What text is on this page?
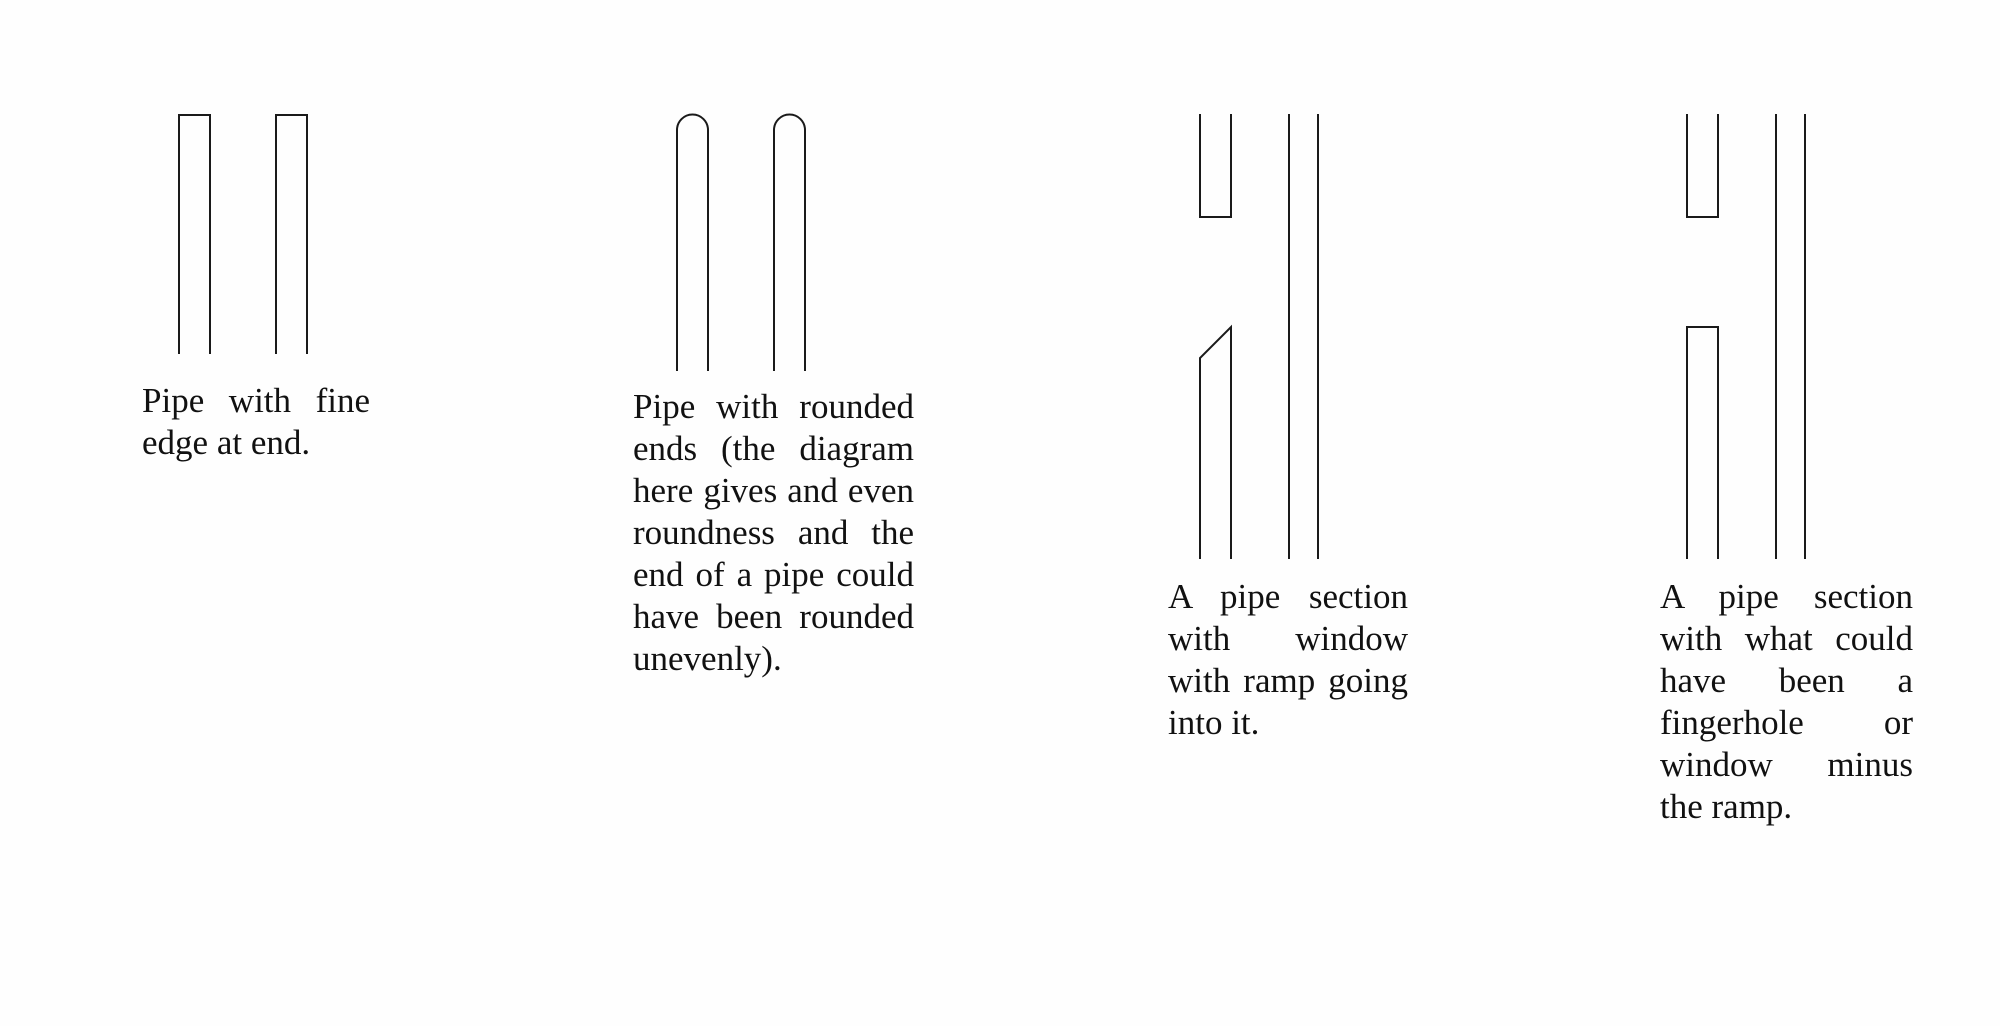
Pipe with fine edge at end.

Pipe with rounded ends (the diagram here gives and even roundness and the end of a pipe could have been rounded unevenly).

A pipe section with window with ramp going into it.

A pipe section with what could have been a fingerhole or window minus the ramp.
